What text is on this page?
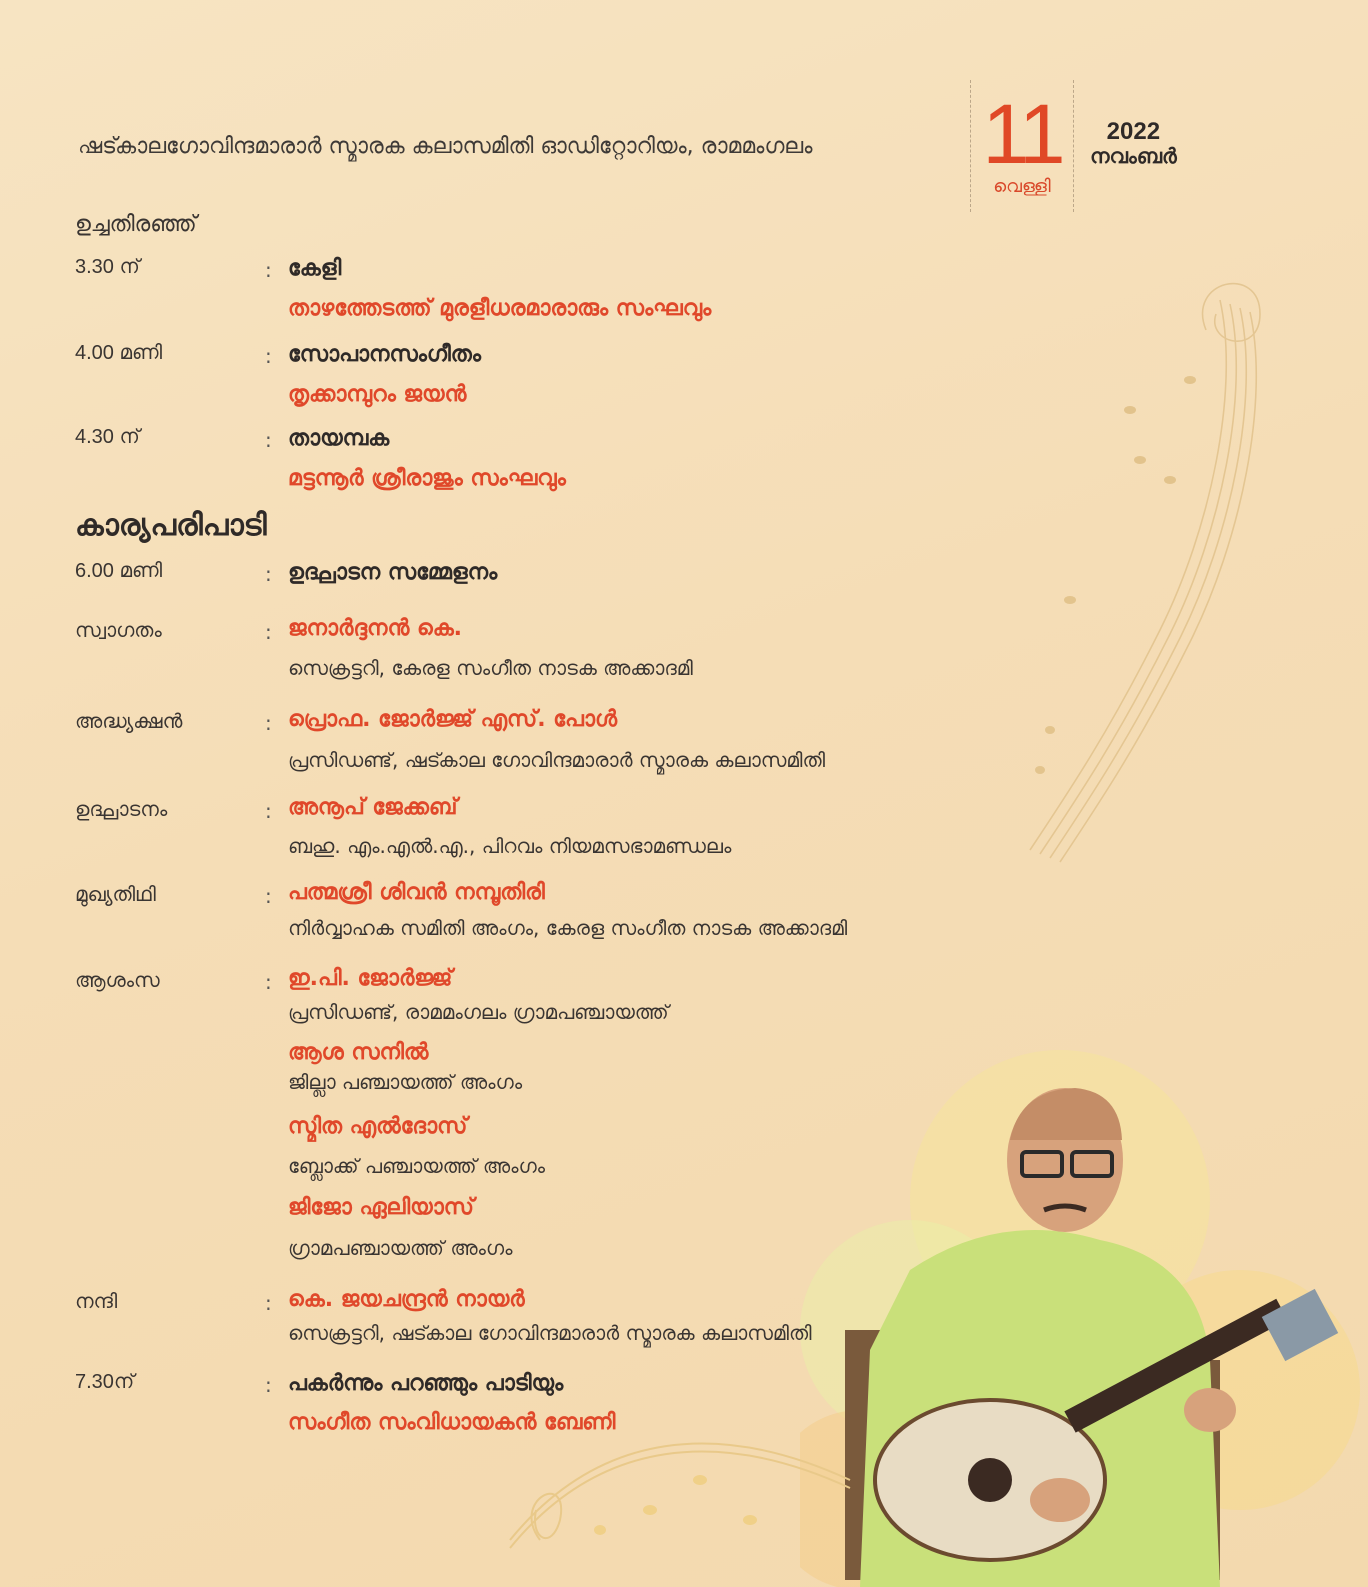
ഷട്കാലഗോവിന്ദമാരാർ സ്മാരക കലാസമിതി ഓഡിറ്റോറിയം, രാമമംഗലം 11
വെള്ളി
2022
നവംബർ
ഉച്ചതിരഞ്ഞ്
3.30 ന്	: കേളി
താഴത്തേടത്ത് മുരളീധരമാരാരും സംഘവും
4.00 മണി	: സോപാനസംഗീതം
തൃക്കാമ്പുറം ജയൻ
4.30 ന്	: തായമ്പക
മട്ടന്നൂർ ശ്രീരാജും സംഘവും
കാര്യപരിപാടി
6.00 മണി	: ഉദ്ഘാടന സമ്മേളനം
സ്വാഗതം	: ജനാർദ്ദനൻ കെ.
സെക്രട്ടറി, കേരള സംഗീത നാടക അക്കാദമി
അദ്ധ്യക്ഷൻ	: പ്രൊഫ. ജോർജ്ജ് എസ്. പോൾ
പ്രസിഡണ്ട്, ഷട്കാല ഗോവിന്ദമാരാർ സ്മാരക കലാസമിതി
ഉദ്ഘാടനം	: അനൂപ് ജേക്കബ്
ബഹു. എം.എൽ.എ., പിറവം നിയമസഭാമണ്ഡലം
മുഖ്യതിഥി	: പത്മശ്രീ ശിവൻ നമ്പൂതിരി
നിർവ്വാഹക സമിതി അംഗം, കേരള സംഗീത നാടക അക്കാദമി
ആശംസ	: ഇ.പി. ജോർജ്ജ്
പ്രസിഡണ്ട്, രാമമംഗലം ഗ്രാമപഞ്ചായത്ത്
ആശ സനിൽ
ജില്ലാ പഞ്ചായത്ത് അംഗം
സ്മിത എൽദോസ്
ബ്ലോക്ക് പഞ്ചായത്ത് അംഗം
ജിജോ ഏലിയാസ്
ഗ്രാമപഞ്ചായത്ത് അംഗം
നന്ദി	: കെ. ജയചന്ദ്രൻ നായർ
സെക്രട്ടറി, ഷട്കാല ഗോവിന്ദമാരാർ സ്മാരക കലാസമിതി
7.30ന്	: പകർന്നും പറഞ്ഞും പാടിയും
സംഗീത സംവിധായകൻ ബേണി
